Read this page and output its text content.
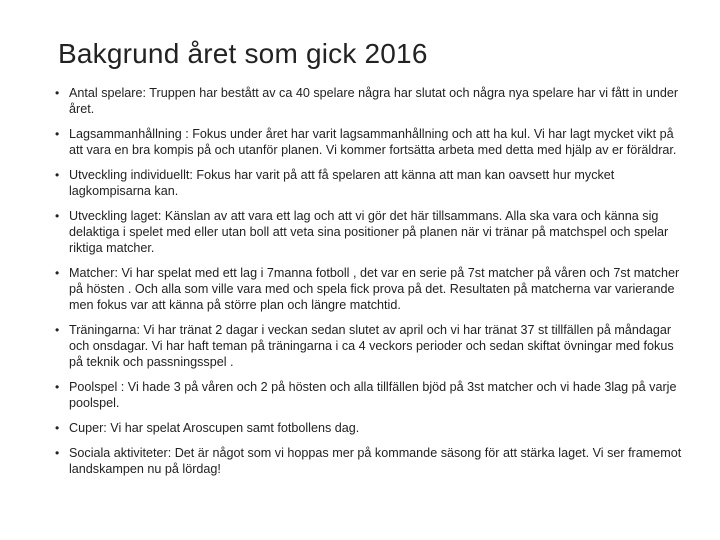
Bakgrund året som gick 2016
• Antal spelare: Truppen har bestått av ca 40 spelare några har slutat och några nya spelare har vi fått in under året.
• Lagsammanhållning : Fokus under året har varit lagsammanhållning och att ha kul. Vi har lagt mycket vikt på att vara en bra kompis på och utanför planen. Vi kommer fortsätta arbeta med detta med hjälp av er föräldrar.
• Utveckling individuellt: Fokus har varit på att få spelaren att känna att man kan oavsett hur mycket lagkompisarna kan.
• Utveckling laget: Känslan av att vara ett lag och att vi gör det här tillsammans. Alla ska vara och känna sig delaktiga i spelet med eller utan boll att veta sina positioner på planen när vi tränar på matchspel och spelar riktiga matcher.
• Matcher: Vi har spelat med ett lag i 7manna fotboll , det var en serie på 7st matcher på våren och 7st matcher på hösten . Och alla som ville vara med och spela fick prova på det. Resultaten på matcherna var varierande men fokus var att känna på större plan och längre matchtid.
• Träningarna: Vi har tränat 2 dagar i veckan sedan slutet av april och vi har tränat 37 st tillfällen på måndagar och onsdagar. Vi har haft teman på träningarna i ca 4 veckors perioder och sedan skiftat övningar med fokus på teknik och passningsspel .
• Poolspel : Vi hade 3 på våren och 2 på hösten och alla tillfällen bjöd på 3st matcher och vi hade 3lag på varje poolspel.
• Cuper: Vi har spelat Aroscupen samt fotbollens dag.
• Sociala aktiviteter: Det är något som vi hoppas mer på kommande säsong för att stärka laget. Vi ser framemot landskampen nu på lördag!
